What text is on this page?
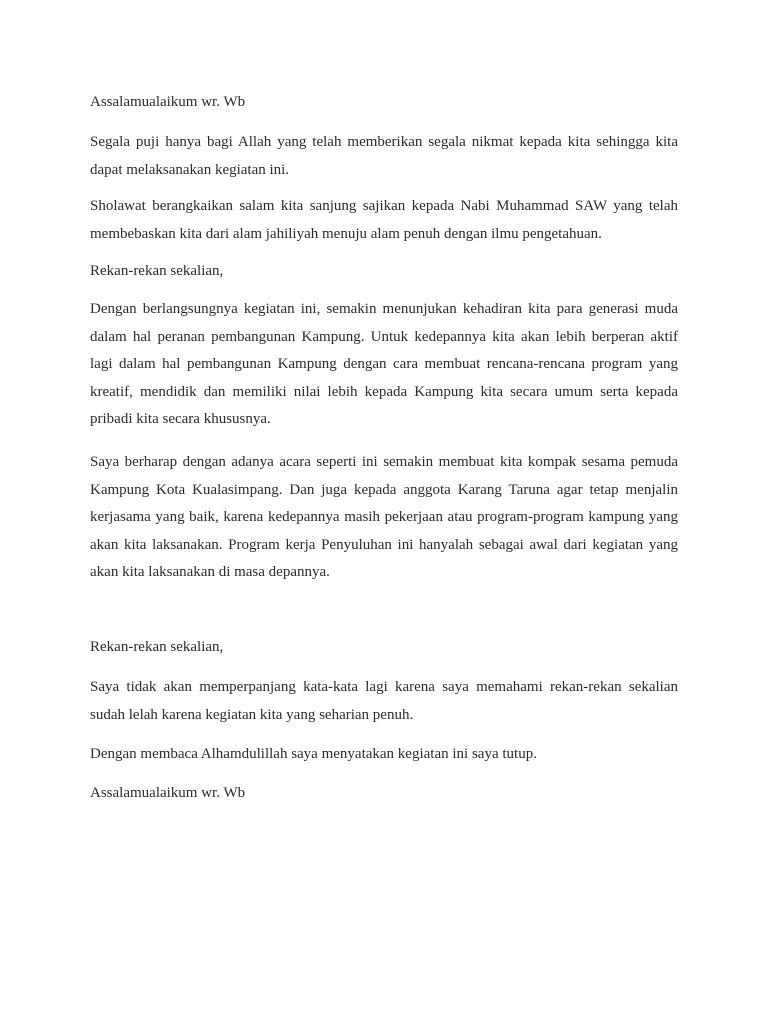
Assalamualaikum wr. Wb
Segala puji hanya bagi Allah yang telah memberikan segala nikmat kepada kita sehingga kita
dapat melaksanakan kegiatan ini.
Sholawat berangkaikan salam kita sanjung sajikan kepada Nabi Muhammad SAW yang telah
membebaskan kita dari alam jahiliyah menuju alam penuh dengan ilmu pengetahuan.
Rekan-rekan sekalian,
Dengan berlangsungnya kegiatan ini, semakin menunjukan kehadiran kita para generasi muda
dalam hal peranan pembangunan Kampung. Untuk kedepannya kita akan lebih berperan aktif
lagi dalam hal pembangunan Kampung dengan cara membuat rencana-rencana program yang
kreatif, mendidik dan memiliki nilai lebih kepada Kampung kita secara umum serta kepada
pribadi kita secara khususnya.
Saya berharap dengan adanya acara seperti ini semakin membuat kita kompak sesama pemuda
Kampung Kota Kualasimpang. Dan juga kepada anggota Karang Taruna agar tetap menjalin
kerjasama yang baik, karena kedepannya masih pekerjaan atau program-program kampung yang
akan kita laksanakan. Program kerja Penyuluhan ini hanyalah sebagai awal dari kegiatan yang
akan kita laksanakan di masa depannya.
Rekan-rekan sekalian,
Saya tidak akan memperpanjang kata-kata lagi karena saya memahami rekan-rekan sekalian
sudah lelah karena kegiatan kita yang seharian penuh.
Dengan membaca Alhamdulillah saya menyatakan kegiatan ini saya tutup.
Assalamualaikum wr. Wb
